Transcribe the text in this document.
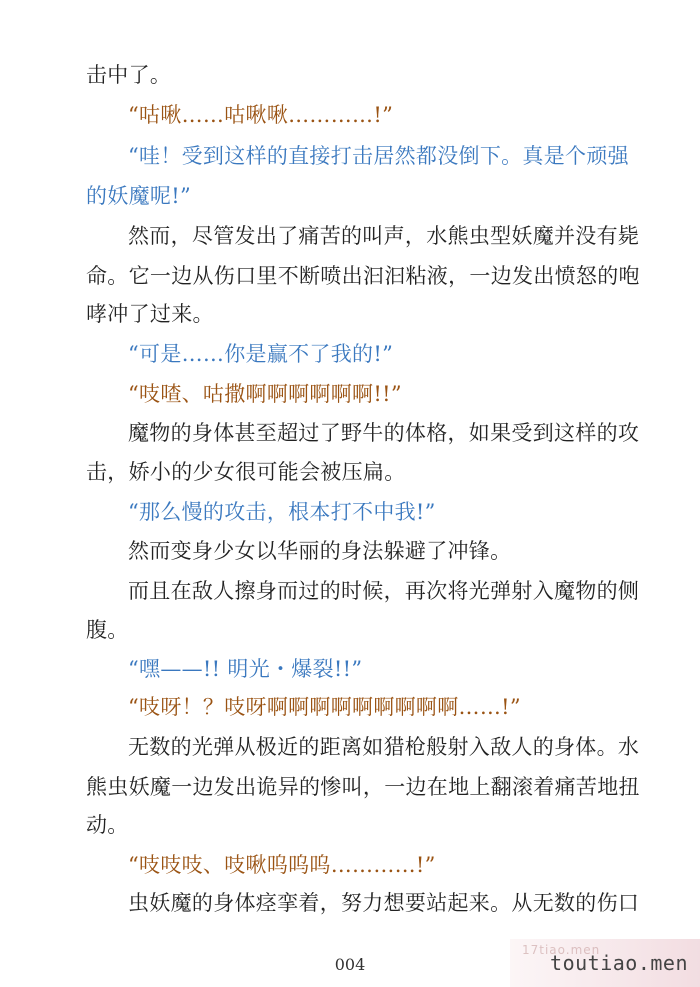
击中了。
“咕啾……咕啾啾…………!”
“哇！受到这样的直接打击居然都没倒下。真是个顽强
的妖魔呢!”
然而，尽管发出了痛苦的叫声，水熊虫型妖魔并没有毙
命。它一边从伤口里不断喷出汩汩粘液，一边发出愤怒的咆
哮冲了过来。
“可是……你是赢不了我的!”
“吱喳、咕撒啊啊啊啊啊啊!!”
魔物的身体甚至超过了野牛的体格，如果受到这样的攻
击，娇小的少女很可能会被压扁。
“那么慢的攻击，根本打不中我!”
然而变身少女以华丽的身法躲避了冲锋。
而且在敌人擦身而过的时候，再次将光弹射入魔物的侧
腹。
“嘿——!! 明光・爆裂!!”
“吱呀！？吱呀啊啊啊啊啊啊啊啊啊……!”
无数的光弹从极近的距离如猎枪般射入敌人的身体。水
熊虫妖魔一边发出诡异的惨叫，一边在地上翻滚着痛苦地扭
动。
“吱吱吱、吱啾呜呜呜…………!”
虫妖魔的身体痉挛着，努力想要站起来。从无数的伤口
004
17tiao.men
toutiao.men
